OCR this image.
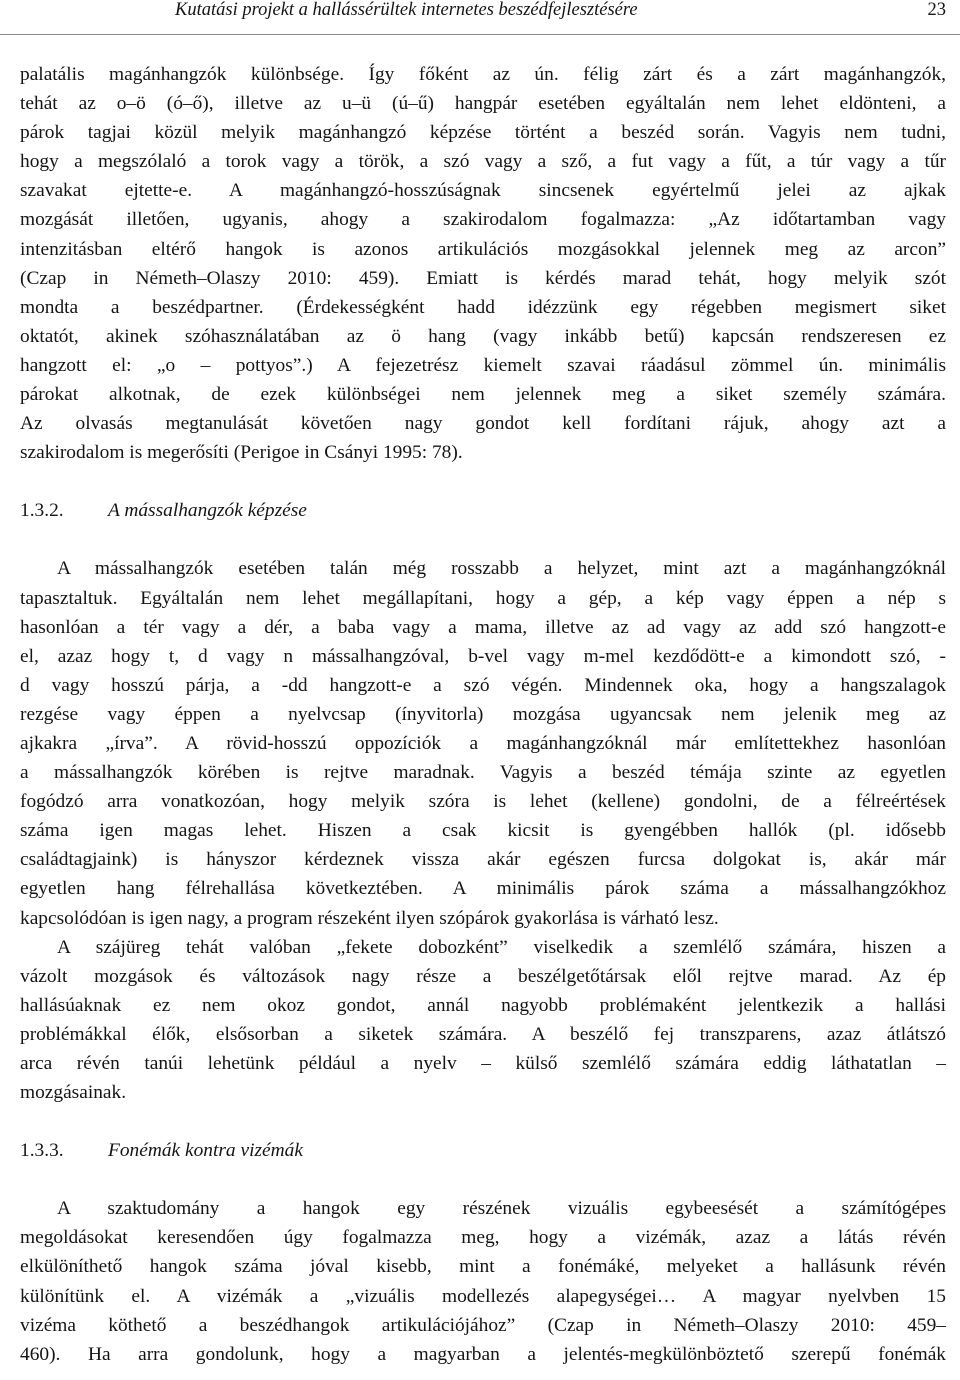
Kutatási projekt a hallássérültek internetes beszédfejlesztésére	23
palatális magánhangzók különbsége. Így főként az ún. félig zárt és a zárt magánhangzók,
tehát az o–ö (ó–ő), illetve az u–ü (ú–ű) hangpár esetében egyáltalán nem lehet eldönteni, a
párok tagjai közül melyik magánhangzó képzése történt a beszéd során. Vagyis nem tudni,
hogy a megszólaló a torok vagy a török, a szó vagy a sző, a fut vagy a fűt, a túr vagy a tűr
szavakat ejtette-e. A magánhangzó-hosszúságnak sincsenek egyértelmű jelei az ajkak
mozgását illetően, ugyanis, ahogy a szakirodalom fogalmazza: „Az időtartamban vagy
intenzitásban eltérő hangok is azonos artikulációs mozgásokkal jelennek meg az arcon”
(Czap in Németh–Olaszy 2010: 459). Emiatt is kérdés marad tehát, hogy melyik szót
mondta a beszédpartner. (Érdekességként hadd idézzünk egy régebben megismert siket
oktatót, akinek szóhasználatában az ö hang (vagy inkább betű) kapcsán rendszeresen ez
hangzott el: „o – pottyos”.) A fejezetrész kiemelt szavai ráadásul zömmel ún. minimális
párokat alkotnak, de ezek különbségei nem jelennek meg a siket személy számára.
Az olvasás megtanulását követően nagy gondot kell fordítani rájuk, ahogy azt a
szakirodalom is megerősíti (Perigoe in Csányi 1995: 78).
1.3.2. A mássalhangzók képzése
A mássalhangzók esetében talán még rosszabb a helyzet, mint azt a magánhangzóknál
tapasztaltuk. Egyáltalán nem lehet megállapítani, hogy a gép, a kép vagy éppen a nép s
hasonlóan a tér vagy a dér, a baba vagy a mama, illetve az ad vagy az add szó hangzott-e
el, azaz hogy t, d vagy n mássalhangzóval, b-vel vagy m-mel kezdődött-e a kimondott szó, -
d vagy hosszú párja, a -dd hangzott-e a szó végén. Mindennek oka, hogy a hangszalagok
rezgése vagy éppen a nyelvcsap (ínyvitorla) mozgása ugyancsak nem jelenik meg az
ajkakra „írva”. A rövid-hosszú oppozíciók a magánhangzóknál már említettekhez hasonlóan
a mássalhangzók körében is rejtve maradnak. Vagyis a beszéd témája szinte az egyetlen
fogódzó arra vonatkozóan, hogy melyik szóra is lehet (kellene) gondolni, de a félreértések
száma igen magas lehet. Hiszen a csak kicsit is gyengébben hallók (pl. idősebb
családtagjaink) is hányszor kérdeznek vissza akár egészen furcsa dolgokat is, akár már
egyetlen hang félrehallása következtében. A minimális párok száma a mássalhangzókhoz
kapcsolódóan is igen nagy, a program részeként ilyen szópárok gyakorlása is várható lesz.
A szájüreg tehát valóban „fekete dobozként” viselkedik a szemlélő számára, hiszen a
vázolt mozgások és változások nagy része a beszélgetőtársak elől rejtve marad. Az ép
hallásúaknak ez nem okoz gondot, annál nagyobb problémaként jelentkezik a hallási
problémákkal élők, elsősorban a siketek számára. A beszélő fej transzparens, azaz átlátszó
arca révén tanúi lehetünk például a nyelv – külső szemlélő számára eddig láthatatlan –
mozgásainak.
1.3.3. Fonémák kontra vizémák
A szaktudomány a hangok egy részének vizuális egybeesését a számítógépes
megoldásokat keresendően úgy fogalmazza meg, hogy a vizémák, azaz a látás révén
elkülöníthető hangok száma jóval kisebb, mint a fonémáké, melyeket a hallásunk révén
különítünk el. A vizémák a „vizuális modellezés alapegységei… A magyar nyelvben 15
vizéma köthető a beszédhangok artikulációjához” (Czap in Németh–Olaszy 2010: 459–
460). Ha arra gondolunk, hogy a magyarban a jelentés-megkülönböztető szerepű fonémák
